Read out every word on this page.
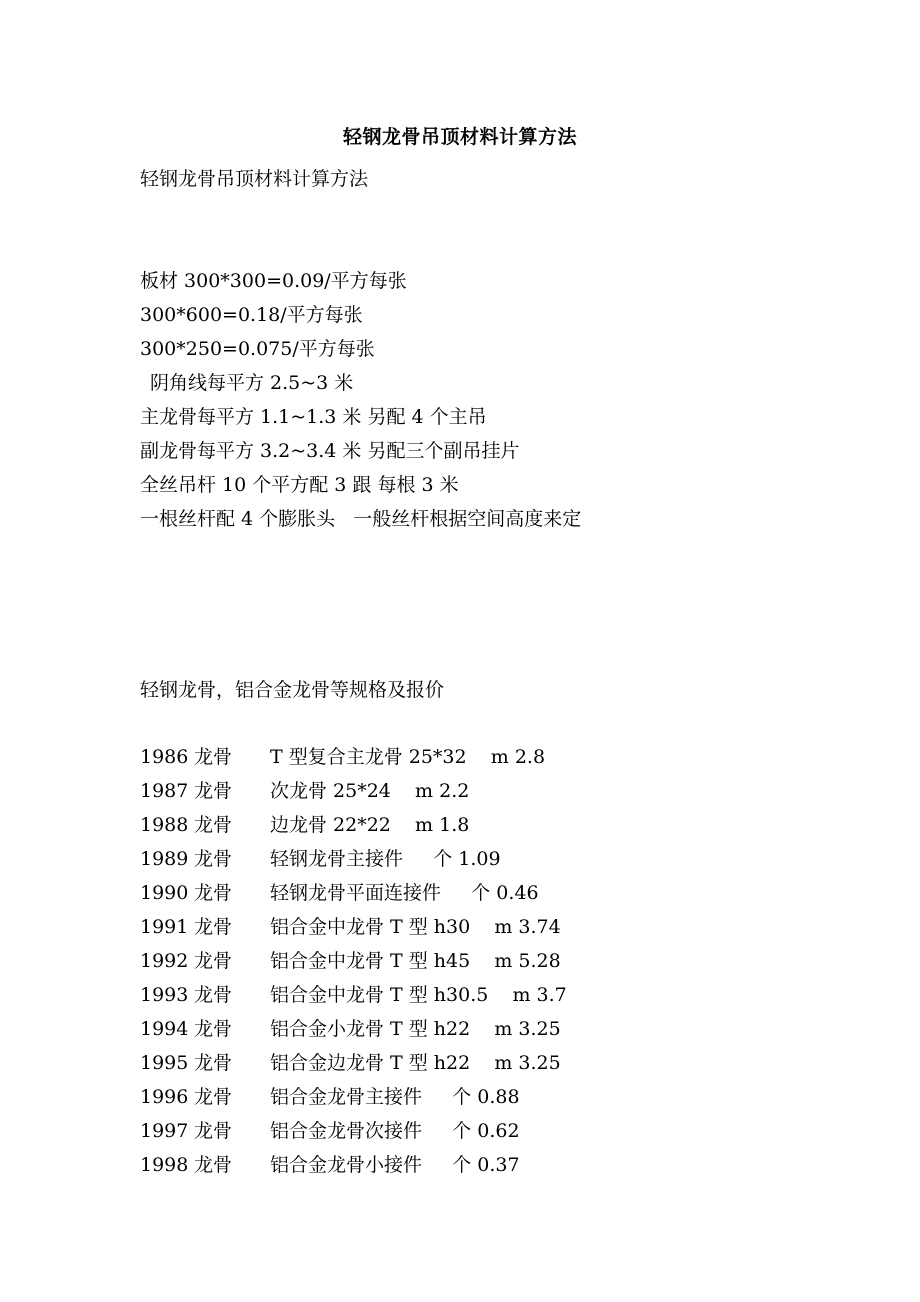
轻钢龙骨吊顶材料计算方法
轻钢龙骨吊顶材料计算方法
板材 300*300=0.09/平方每张
300*600=0.18/平方每张
300*250=0.075/平方每张
阴角线每平方 2.5~3 米
主龙骨每平方 1.1~1.3 米 另配 4 个主吊
副龙骨每平方 3.2~3.4 米 另配三个副吊挂片
全丝吊杆 10 个平方配 3 跟 每根 3 米
一根丝杆配 4 个膨胀头   一般丝杆根据空间高度来定
轻钢龙骨，铝合金龙骨等规格及报价

1986

龙骨

T 型复合主龙骨 25*32    m 2.8

1987

龙骨

次龙骨 25*24    m 2.2

1988

龙骨

边龙骨 22*22    m 1.8

1989

龙骨

轻钢龙骨主接件     个 1.09

1990

龙骨

轻钢龙骨平面连接件     个 0.46

1991

龙骨

铝合金中龙骨 T 型 h30    m 3.74

1992

龙骨

铝合金中龙骨 T 型 h45    m 5.28

1993

龙骨

铝合金中龙骨 T 型 h30.5    m 3.7

1994

龙骨

铝合金小龙骨 T 型 h22    m 3.25

1995

龙骨

铝合金边龙骨 T 型 h22    m 3.25

1996

龙骨

铝合金龙骨主接件     个 0.88

1997

龙骨

铝合金龙骨次接件     个 0.62

1998

龙骨

铝合金龙骨小接件     个 0.37
